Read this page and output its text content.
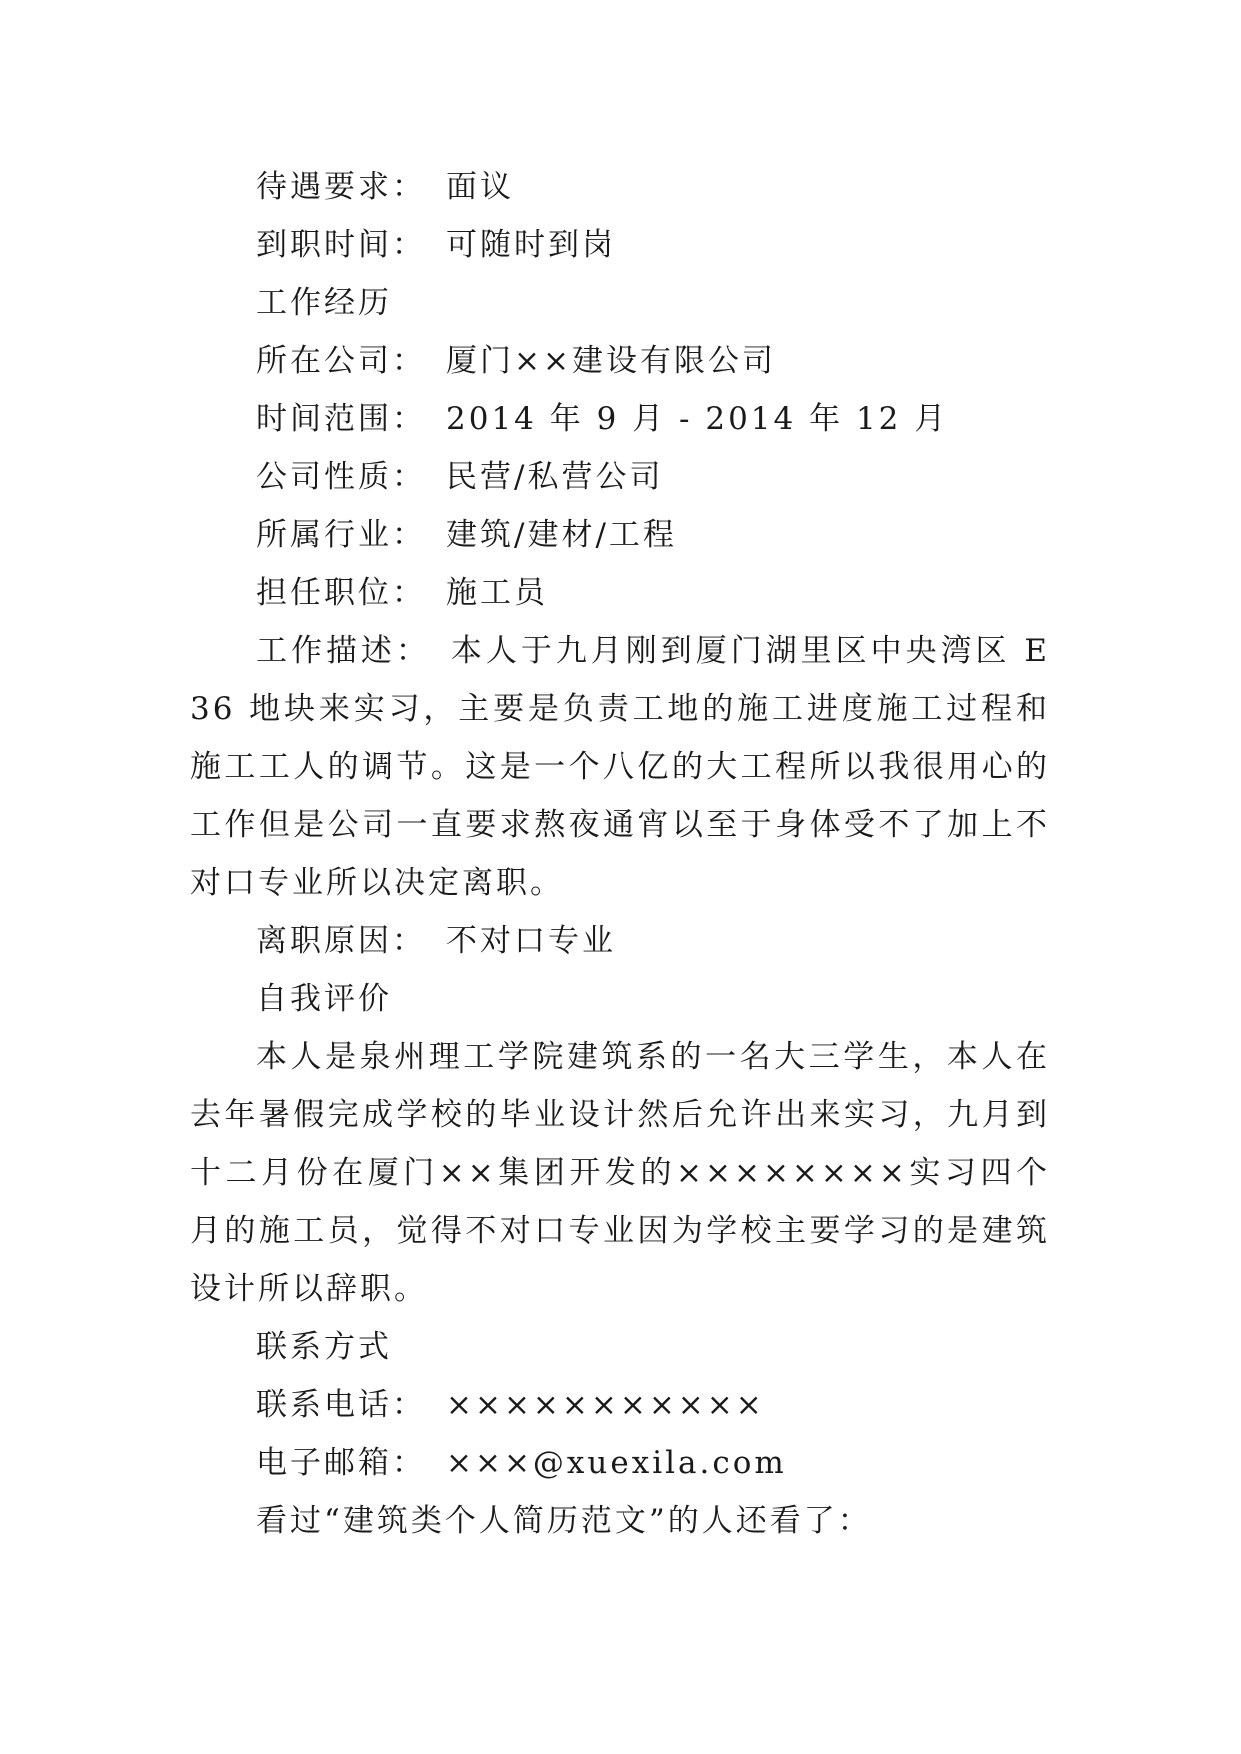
待遇要求： 面议

到职时间： 可随时到岗

工作经历

所在公司： 厦门××建设有限公司

时间范围： 2014 年 9 月 - 2014 年 12 月

公司性质： 民营/私营公司

所属行业： 建筑/建材/工程

担任职位： 施工员

工作描述： 本人于九月刚到厦门湖里区中央湾区 E36 地块来实习，主要是负责工地的施工进度施工过程和施工工人的调节。这是一个八亿的大工程所以我很用心的工作但是公司一直要求熬夜通宵以至于身体受不了加上不对口专业所以决定离职。

离职原因： 不对口专业

自我评价

本人是泉州理工学院建筑系的一名大三学生，本人在去年暑假完成学校的毕业设计然后允许出来实习，九月到十二月份在厦门××集团开发的××××××××实习四个月的施工员，觉得不对口专业因为学校主要学习的是建筑设计所以辞职。

联系方式

联系电话： ×××××××××××

电子邮箱： ×××@xuexila.com

看过“建筑类个人简历范文”的人还看了：
